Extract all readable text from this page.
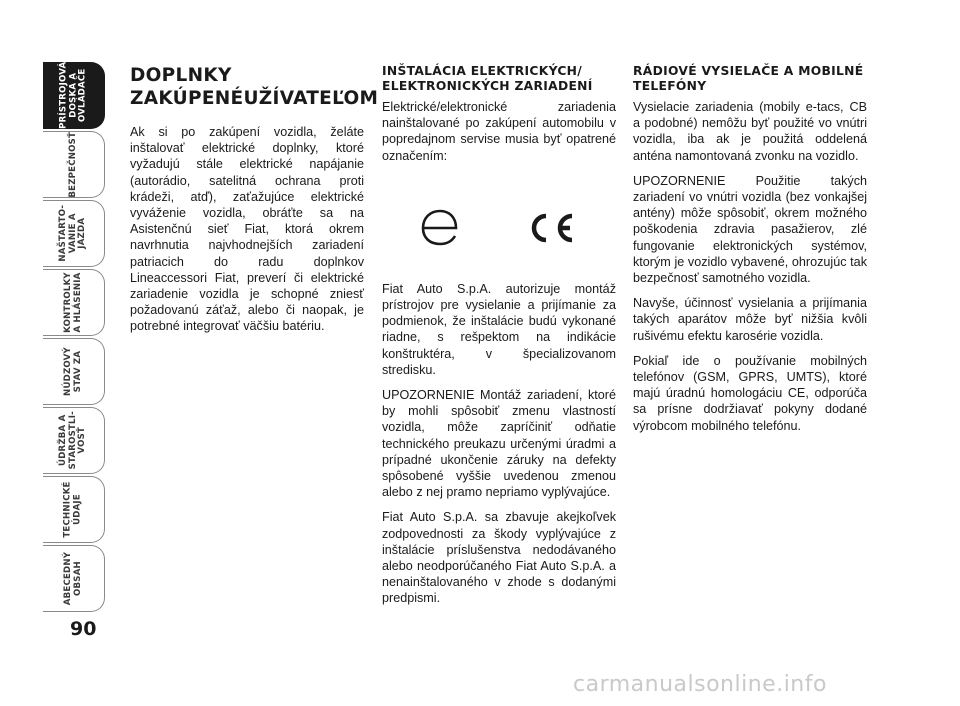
PRÍSTROJOVÁ
DOSKA A
OVLÁDAČE
BEZPEČNOSŤ
NAŠTARTO-
VANIE A
JAZDA
KONTROLKY
A HLÁSENIA
NÚDZOVÝ
STAV ZA
ÚDRŽBA A
STAROSTLI-
VOSŤ
TECHNICKÉ
ÚDAJE
ABECEDNÝ
OBSAH
90
DOPLNKY ZAKÚPENÉUŽÍVATEĽOM

Ak si po zakúpení vozidla, želáte inštalovať elektrické doplnky, ktoré vyžadujú stále elektrické napájanie (autorádio, satelitná ochrana proti krádeži, atď), zaťažujúce elektrické vyváženie vozidla, obráťte sa na Asistenčnú sieť Fiat, ktorá okrem navrhnutia najvhodnejších zariadení patriacich do radu doplnkov Lineaccessori Fiat, preverí či elektrické zariadenie vozidla je schopné zniesť požadovanú záťaž, alebo či naopak, je potrebné integrovať väčšiu batériu.

INŠTALÁCIA ELEKTRICKÝCH/ ELEKTRONICKÝCH ZARIADENÍ

Elektrické/elektronické zariadenia nainštalované po zakúpení automobilu v popredajnom servise musia byť opatrené označením:

Fiat Auto S.p.A. autorizuje montáž prístrojov pre vysielanie a prijímanie za podmienok, že inštalácie budú vykonané riadne, s rešpektom na indikácie konštruktéra, v špecializovanom stredisku.

UPOZORNENIE Montáž zariadení, ktoré by mohli spôsobiť zmenu vlastností vozidla, môže zapríčiniť odňatie technického preukazu určenými úradmi a prípadné ukončenie záruky na defekty spôsobené vyššie uvedenou zmenou alebo z nej pramo nepriamo vyplývajúce.

Fiat Auto S.p.A. sa zbavuje akejkoľvek zodpovednosti za škody vyplývajúce z inštalácie príslušenstva nedodávaného alebo neodporúčaného Fiat Auto S.p.A. a nenainštalovaného v zhode s dodanými predpismi.

RÁDIOVÉ VYSIELAČE A MOBILNÉ TELEFÓNY

Vysielacie zariadenia (mobily e-tacs, CB a podobné) nemôžu byť použité vo vnútri vozidla, iba ak je použitá oddelená anténa namontovaná zvonku na vozidlo.

UPOZORNENIE Použitie takých zariadení vo vnútri vozidla (bez vonkajšej antény) môže spôsobiť, okrem možného poškodenia zdravia pasažierov, zlé fungovanie elektronických systémov, ktorým je vozidlo vybavené, ohrozujúc tak bezpečnosť samotného vozidla.

Navyše, účinnosť vysielania a prijímania takých aparátov môže byť nižšia kvôli rušivému efektu karosérie vozidla.

Pokiaľ ide o používanie mobilných telefónov (GSM, GPRS, UMTS), ktoré majú úradnú homologáciu CE, odporúča sa prísne dodržiavať pokyny dodané výrobcom mobilného telefónu.

carmanualsonline.info
